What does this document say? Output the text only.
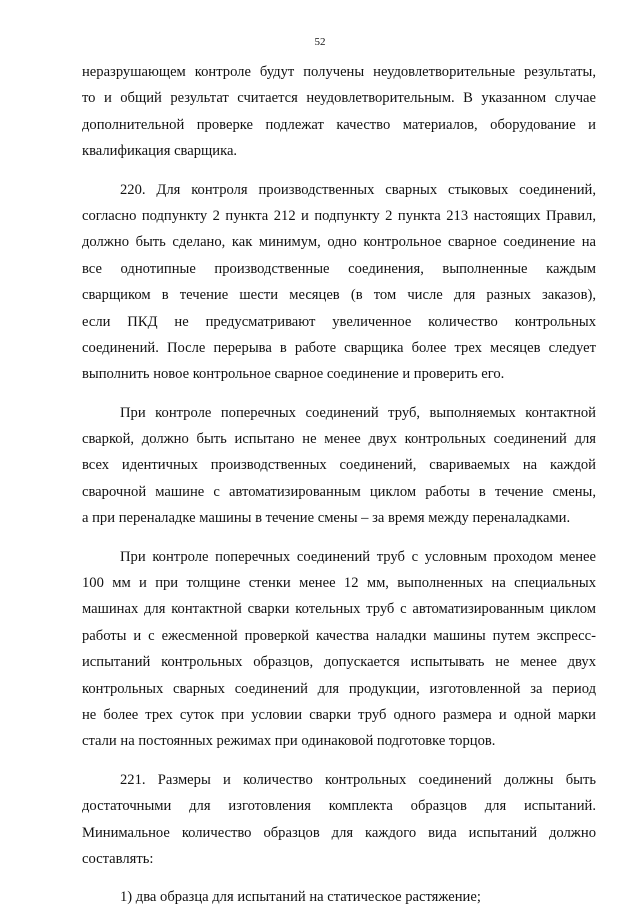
52
неразрушающем контроле будут получены неудовлетворительные результаты,
то и общий результат считается неудовлетворительным. В указанном случае
дополнительной проверке подлежат качество материалов, оборудование и
квалификация сварщика.
220. Для контроля производственных сварных стыковых соединений,
согласно подпункту 2 пункта 212 и подпункту 2 пункта 213 настоящих Правил,
должно быть сделано, как минимум, одно контрольное сварное соединение на
все однотипные производственные соединения, выполненные каждым
сварщиком в течение шести месяцев (в том числе для разных заказов),
если ПКД не предусматривают увеличенное количество контрольных
соединений. После перерыва в работе сварщика более трех месяцев следует
выполнить новое контрольное сварное соединение и проверить его.
При контроле поперечных соединений труб, выполняемых контактной
сваркой, должно быть испытано не менее двух контрольных соединений для
всех идентичных производственных соединений, свариваемых на каждой
сварочной машине с автоматизированным циклом работы в течение смены,
а при переналадке машины в течение смены – за время между переналадками.
При контроле поперечных соединений труб с условным проходом менее
100 мм и при толщине стенки менее 12 мм, выполненных на специальных
машинах для контактной сварки котельных труб с автоматизированным циклом
работы и с ежесменной проверкой качества наладки машины путем экспресс-
испытаний контрольных образцов, допускается испытывать не менее двух
контрольных сварных соединений для продукции, изготовленной за период
не более трех суток при условии сварки труб одного размера и одной марки
стали на постоянных режимах при одинаковой подготовке торцов.
221. Размеры и количество контрольных соединений должны быть
достаточными для изготовления комплекта образцов для испытаний.
Минимальное количество образцов для каждого вида испытаний должно
составлять:
1) два образца для испытаний на статическое растяжение;
